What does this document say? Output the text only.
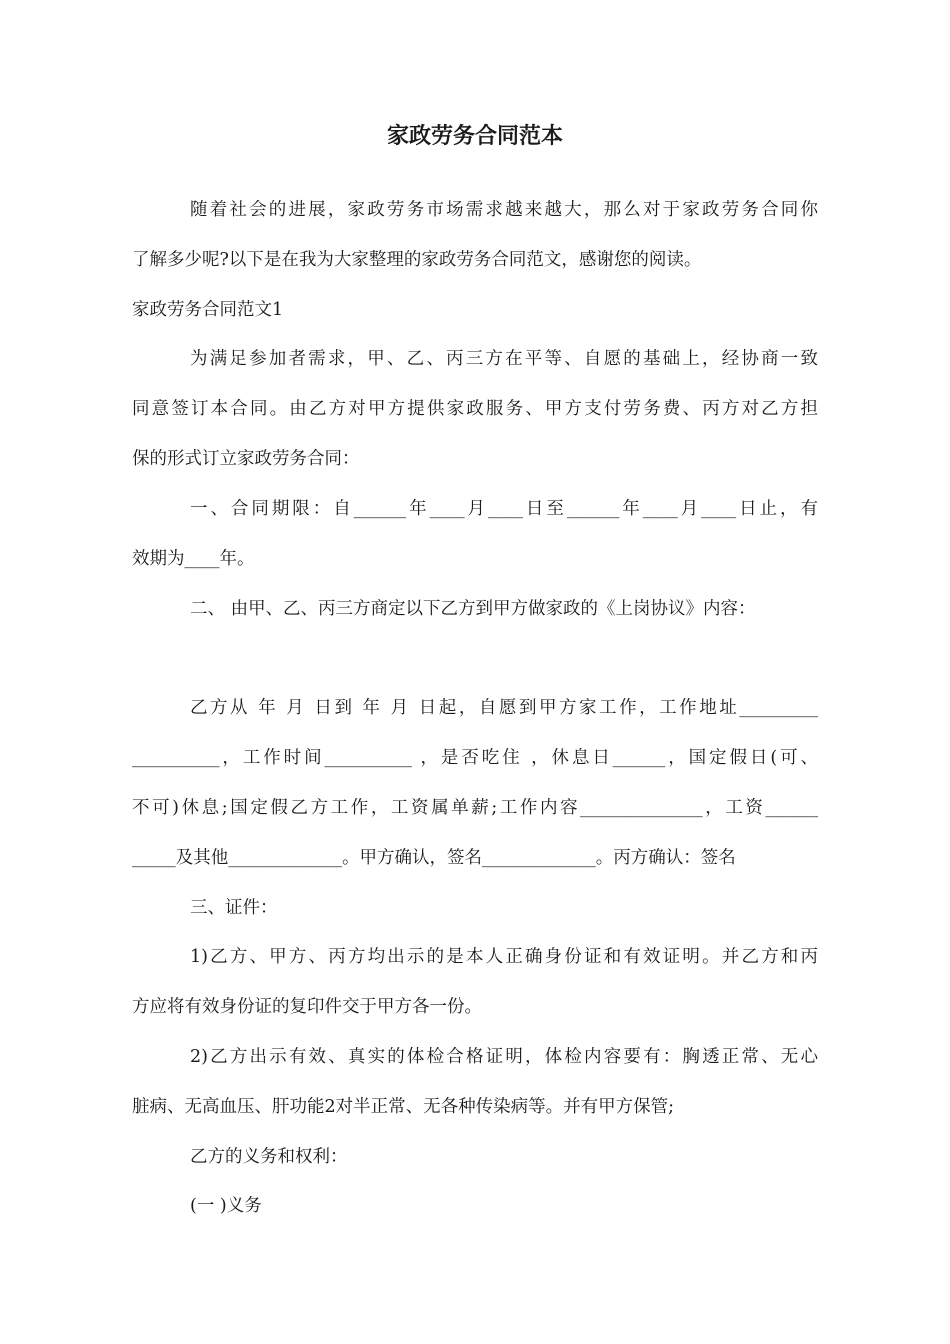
家政劳务合同范本

随着社会的进展，家政劳务市场需求越来越大，那么对于家政劳务合同你

了解多少呢?以下是在我为大家整理的家政劳务合同范文，感谢您的阅读。

家政劳务合同范文1

为满足参加者需求，甲、乙、丙三方在平等、自愿的基础上，经协商一致

同意签订本合同。由乙方对甲方提供家政服务、甲方支付劳务费、丙方对乙方担

保的形式订立家政劳务合同：

一、合同期限：自______年____月____日至______年____月____日止，有

效期为____年。

二、 由甲、乙、丙三方商定以下乙方到甲方做家政的《上岗协议》内容：

乙方从 年 月 日到 年 月 日起，自愿到甲方家工作，工作地址_________

__________，工作时间__________ ，是否吃住 ，休息日______，国定假日(可、

不可)休息;国定假乙方工作，工资属单薪;工作内容______________，工资______

_____及其他_____________。甲方确认，签名_____________。丙方确认：签名

三、证件：

1)乙方、甲方、丙方均出示的是本人正确身份证和有效证明。并乙方和丙

方应将有效身份证的复印件交于甲方各一份。

2)乙方出示有效、真实的体检合格证明，体检内容要有：胸透正常、无心

脏病、无高血压、肝功能2对半正常、无各种传染病等。并有甲方保管;

乙方的义务和权利：

(一 )义务
